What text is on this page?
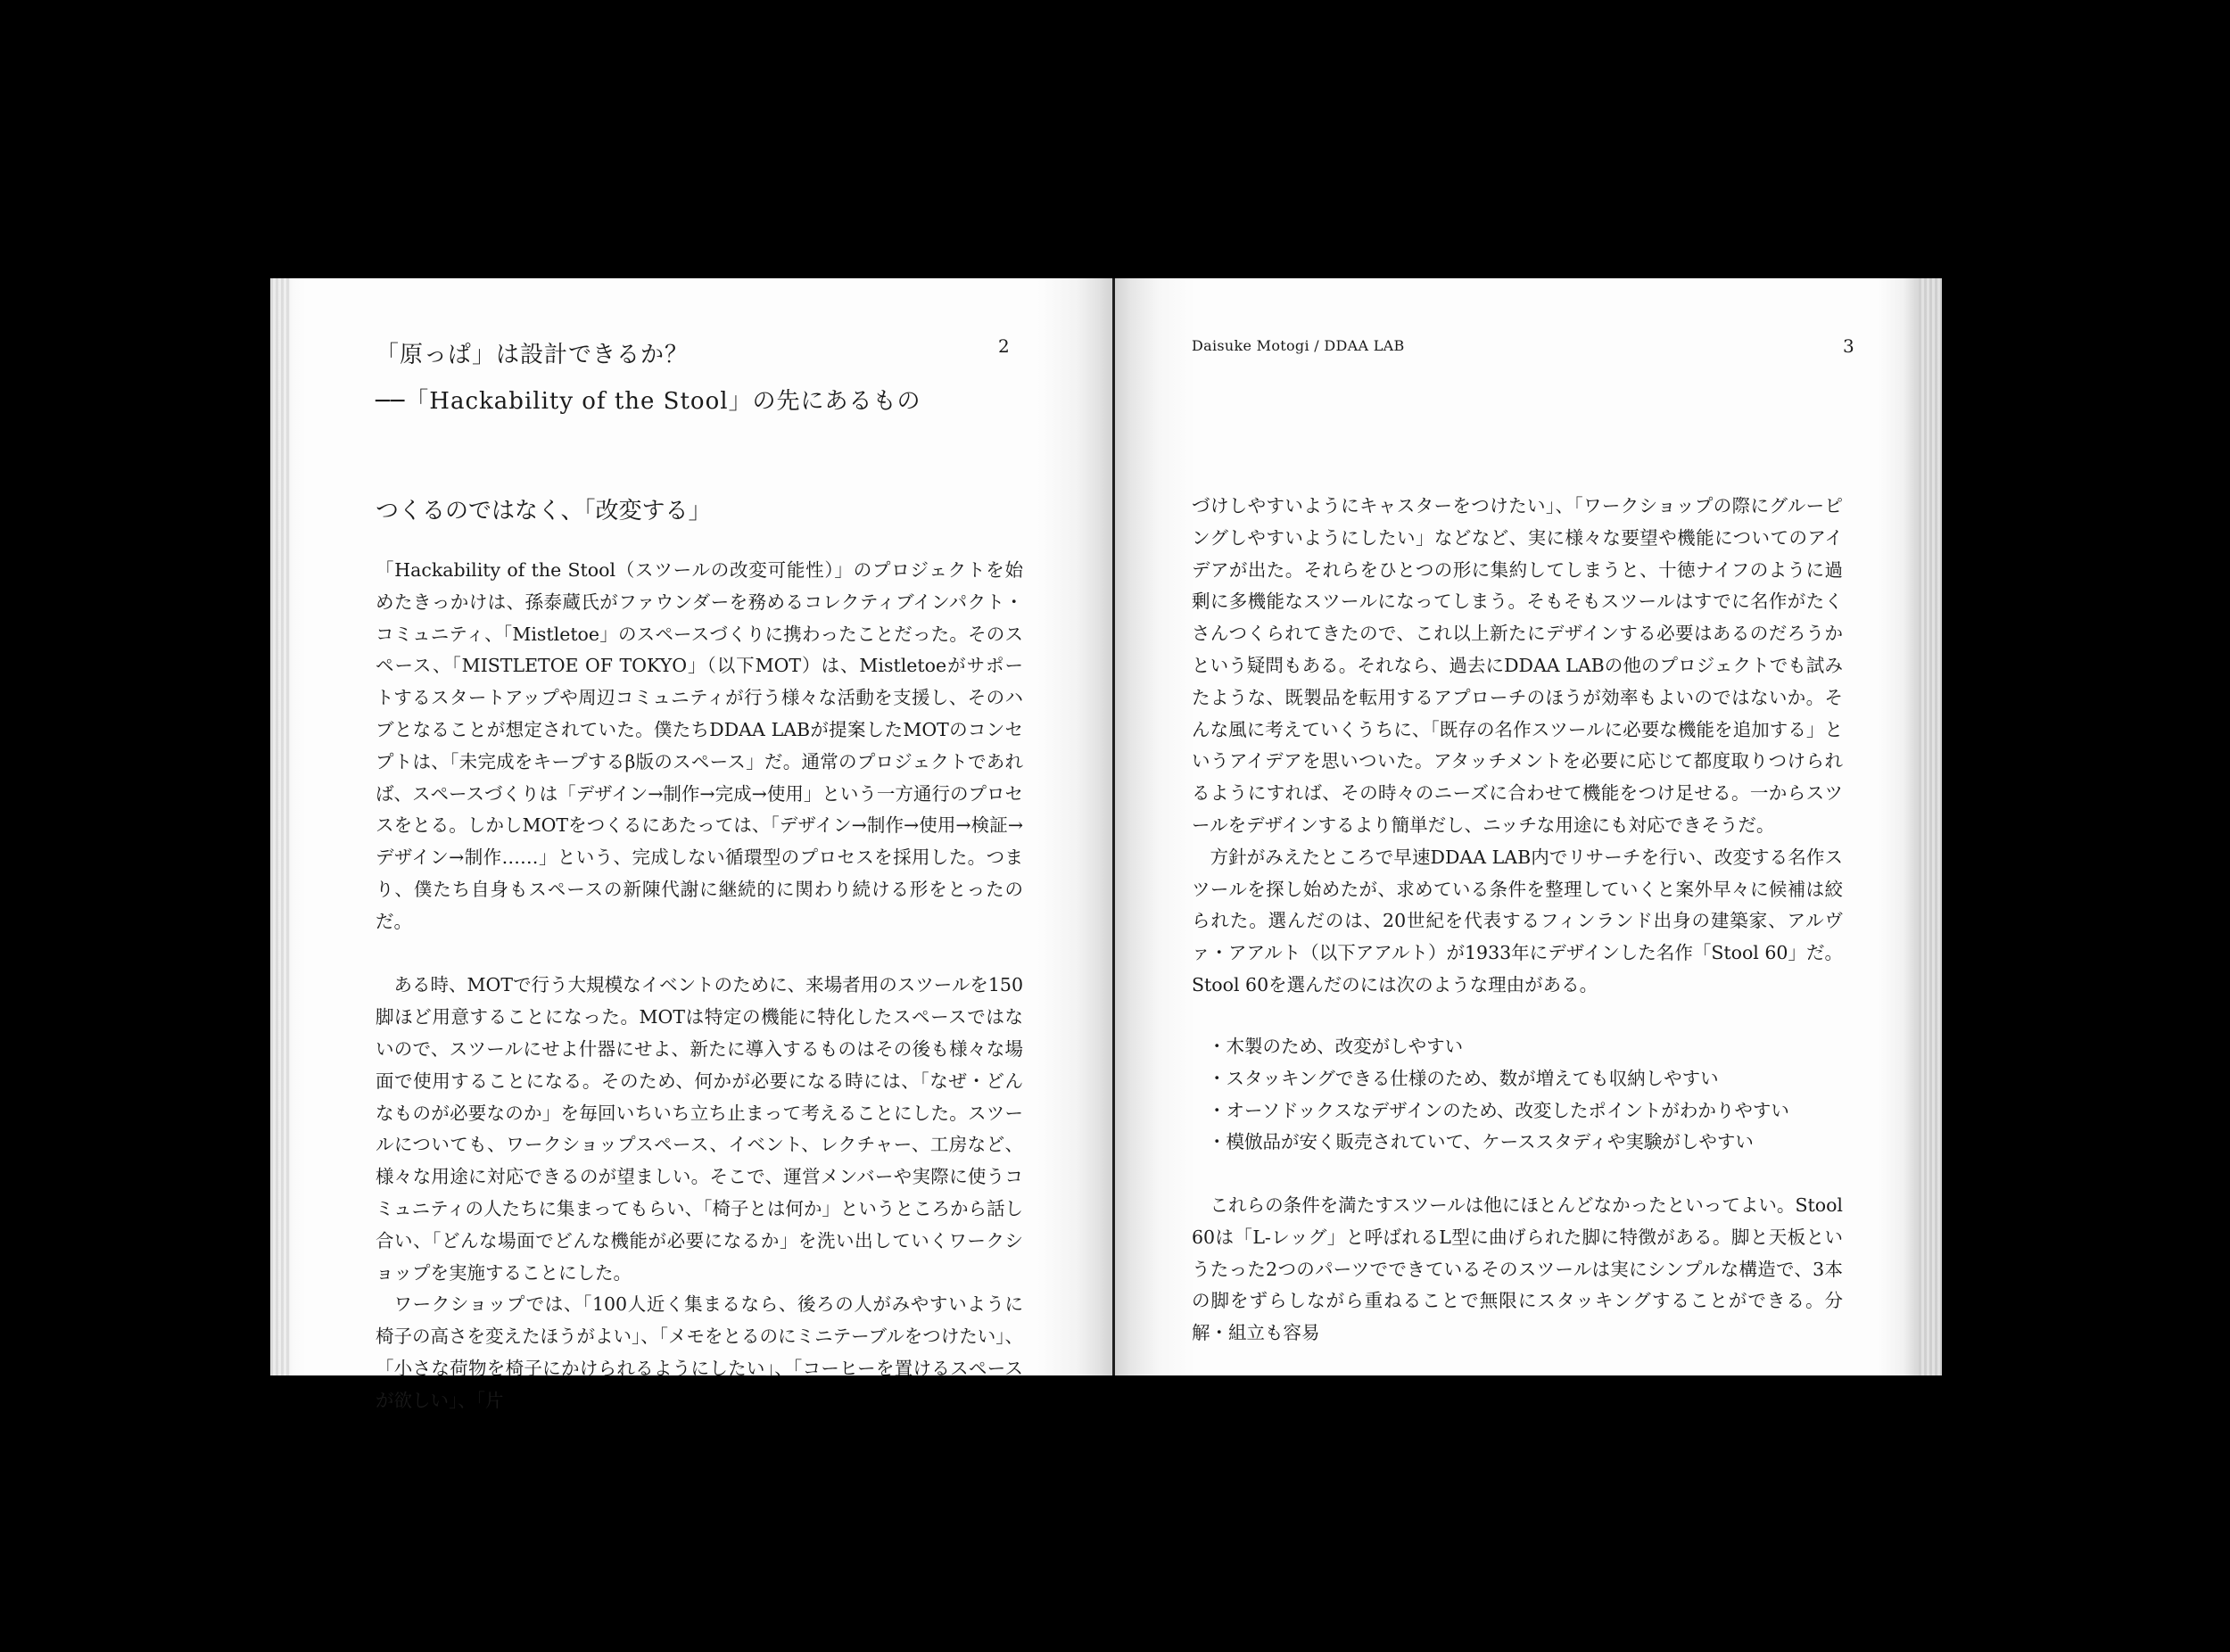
「原っぱ」は設計できるか？
──「Hackability of the Stool」の先にあるもの
2
つくるのではなく、「改変する」

「Hackability of the Stool（スツールの改変可能性）」のプロジェクトを始めたきっかけは、孫泰蔵氏がファウンダーを務めるコレクティブインパクト・コミュニティ、「Mistletoe」のスペースづくりに携わったことだった。そのスペース、「MISTLETOE OF TOKYO」（以下MOT）は、Mistletoeがサポートするスタートアップや周辺コミュニティが行う様々な活動を支援し、そのハブとなることが想定されていた。僕たちDDAA LABが提案したMOTのコンセプトは、「未完成をキープするβ版のスペース」だ。通常のプロジェクトであれば、スペースづくりは「デザイン→制作→完成→使用」という一方通行のプロセスをとる。しかしMOTをつくるにあたっては、「デザイン→制作→使用→検証→デザイン→制作……」という、完成しない循環型のプロセスを採用した。つまり、僕たち自身もスペースの新陳代謝に継続的に関わり続ける形をとったのだ。

ある時、MOTで行う大規模なイベントのために、来場者用のスツールを150脚ほど用意することになった。MOTは特定の機能に特化したスペースではないので、スツールにせよ什器にせよ、新たに導入するものはその後も様々な場面で使用することになる。そのため、何かが必要になる時には、「なぜ・どんなものが必要なのか」を毎回いちいち立ち止まって考えることにした。スツールについても、ワークショップスペース、イベント、レクチャー、工房など、様々な用途に対応できるのが望ましい。そこで、運営メンバーや実際に使うコミュニティの人たちに集まってもらい、「椅子とは何か」というところから話し合い、「どんな場面でどんな機能が必要になるか」を洗い出していくワークショップを実施することにした。

ワークショップでは、「100人近く集まるなら、後ろの人がみやすいように椅子の高さを変えたほうがよい」、「メモをとるのにミニテーブルをつけたい」、「小さな荷物を椅子にかけられるようにしたい」、「コーヒーを置けるスペースが欲しい」、「片

Daisuke Motogi / DDAA LAB	3

づけしやすいようにキャスターをつけたい」、「ワークショップの際にグルーピングしやすいようにしたい」などなど、実に様々な要望や機能についてのアイデアが出た。それらをひとつの形に集約してしまうと、十徳ナイフのように過剰に多機能なスツールになってしまう。そもそもスツールはすでに名作がたくさんつくられてきたので、これ以上新たにデザインする必要はあるのだろうかという疑問もある。それなら、過去にDDAA LABの他のプロジェクトでも試みたような、既製品を転用するアプローチのほうが効率もよいのではないか。そんな風に考えていくうちに、「既存の名作スツールに必要な機能を追加する」というアイデアを思いついた。アタッチメントを必要に応じて都度取りつけられるようにすれば、その時々のニーズに合わせて機能をつけ足せる。一からスツールをデザインするより簡単だし、ニッチな用途にも対応できそうだ。

方針がみえたところで早速DDAA LAB内でリサーチを行い、改変する名作スツールを探し始めたが、求めている条件を整理していくと案外早々に候補は絞られた。選んだのは、20世紀を代表するフィンランド出身の建築家、アルヴァ・アアルト（以下アアルト）が1933年にデザインした名作「Stool 60」だ。Stool 60を選んだのには次のような理由がある。

・木製のため、改変がしやすい
・スタッキングできる仕様のため、数が増えても収納しやすい
・オーソドックスなデザインのため、改変したポイントがわかりやすい
・模倣品が安く販売されていて、ケーススタディや実験がしやすい

これらの条件を満たすスツールは他にほとんどなかったといってよい。Stool 60は「L-レッグ」と呼ばれるL型に曲げられた脚に特徴がある。脚と天板というたった2つのパーツでできているそのスツールは実にシンプルな構造で、3本の脚をずらしながら重ねることで無限にスタッキングすることができる。分解・組立も容易
